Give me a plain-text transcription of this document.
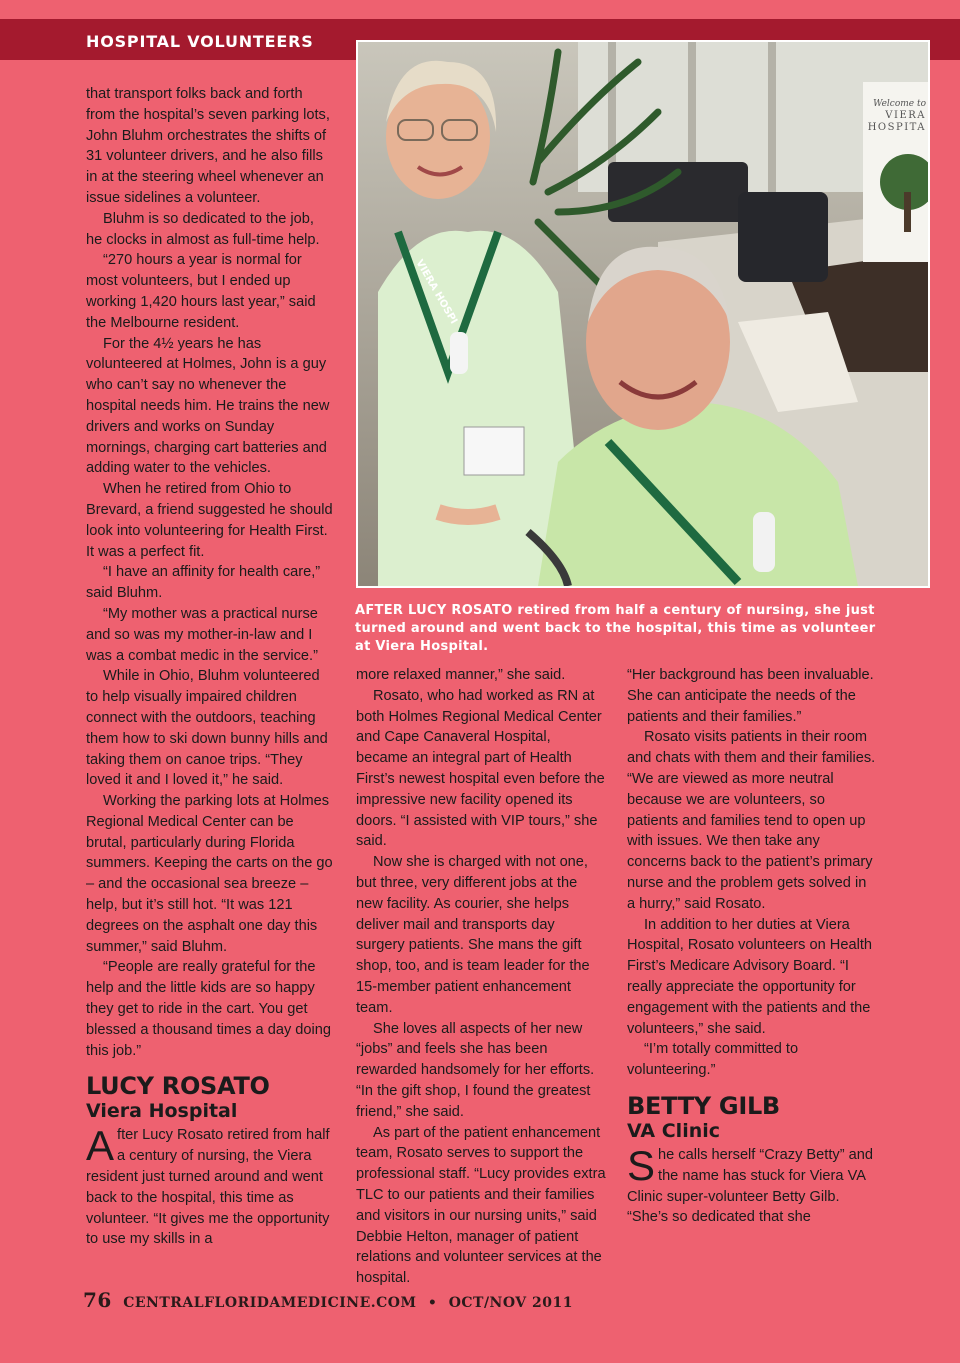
HOSPITAL VOLUNTEERS
Welcome to
VIERA
HOSPITA
VIERA HOSPI
AFTER LUCY ROSATO retired from half a century of nursing, she just turned around and went back to the hospital, this time as volunteer at Viera Hospital.

that transport folks back and forth from the hospital’s seven parking lots, John Bluhm orchestrates the shifts of 31 volunteer drivers, and he also fills in at the steering wheel whenever an issue sidelines a volunteer.

Bluhm is so dedicated to the job, he clocks in almost as full-time help.

“270 hours a year is normal for most volunteers, but I ended up working 1,420 hours last year,” said the Melbourne resident.

For the 4½ years he has volunteered at Holmes, John is a guy who can’t say no whenever the hospital needs him. He trains the new drivers and works on Sunday mornings, charging cart batteries and adding water to the vehicles.

When he retired from Ohio to Brevard, a friend suggested he should look into volunteering for Health First. It was a perfect fit.

“I have an affinity for health care,” said Bluhm.

“My mother was a practical nurse and so was my mother-in-law and I was a combat medic in the service.”

While in Ohio, Bluhm volunteered to help visually impaired children connect with the outdoors, teaching them how to ski down bunny hills and taking them on canoe trips. “They loved it and I loved it,” he said.

Working the parking lots at Holmes Regional Medical Center can be brutal, particularly during Florida summers. Keeping the carts on the go – and the occasional sea breeze – help, but it’s still hot. “It was 121 degrees on the asphalt one day this summer,” said Bluhm.

“People are really grateful for the help and the little kids are so happy they get to ride in the cart. You get blessed a thousand times a day doing this job.”

LUCY ROSATO
Viera Hospital

After Lucy Rosato retired from half a century of nursing, the Viera resident just turned around and went back to the hospital, this time as volunteer. “It gives me the opportunity to use my skills in a

more relaxed manner,” she said.

Rosato, who had worked as RN at both Holmes Regional Medical Center and Cape Canaveral Hospital, became an integral part of Health First’s newest hospital even before the impressive new facility opened its doors. “I assisted with VIP tours,” she said.

Now she is charged with not one, but three, very different jobs at the new facility. As courier, she helps deliver mail and transports day surgery patients. She mans the gift shop, too, and is team leader for the 15-member patient enhancement team.

She loves all aspects of her new “jobs” and feels she has been rewarded handsomely for her efforts. “In the gift shop, I found the greatest friend,” she said.

As part of the patient enhancement team, Rosato serves to support the professional staff. “Lucy provides extra TLC to our patients and their families and visitors in our nursing units,” said Debbie Helton, manager of patient relations and volunteer services at the hospital.

“Her background has been invaluable. She can anticipate the needs of the patients and their families.”

Rosato visits patients in their room and chats with them and their families. “We are viewed as more neutral because we are volunteers, so patients and families tend to open up with issues. We then take any concerns back to the patient’s primary nurse and the problem gets solved in a hurry,” said Rosato.

In addition to her duties at Viera Hospital, Rosato volunteers on Health First’s Medicare Advisory Board. “I really appreciate the opportunity for engagement with the patients and the volunteers,” she said.

“I’m totally committed to volunteering.”

BETTY GILB
VA Clinic

She calls herself “Crazy Betty” and the name has stuck for Viera VA Clinic super-volunteer Betty Gilb. “She’s so dedicated that she

76 CENTRALFLORIDAMEDICINE.COM • OCT/NOV 2011
